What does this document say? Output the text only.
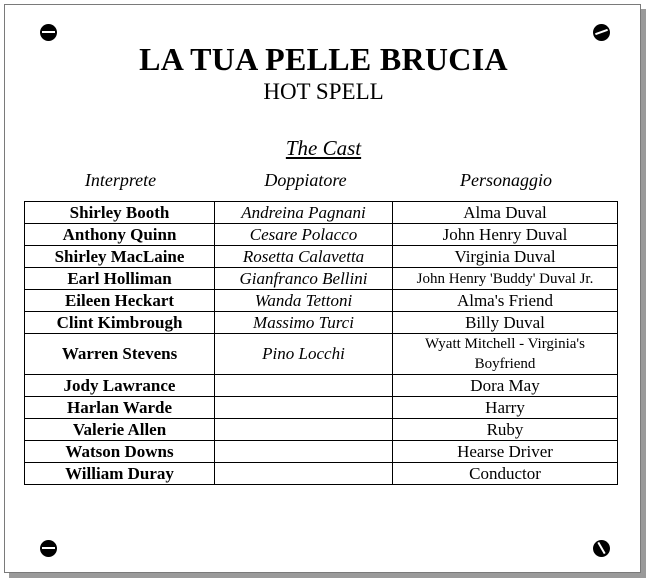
LA TUA PELLE BRUCIA
HOT SPELL
The Cast
Interprete	Doppiatore	Personaggio
Shirley Booth	Andreina Pagnani	Alma Duval
Anthony Quinn	Cesare Polacco	John Henry Duval
Shirley MacLaine	Rosetta Calavetta	Virginia Duval
Earl Holliman	Gianfranco Bellini	John Henry 'Buddy' Duval Jr.
Eileen Heckart	Wanda Tettoni	Alma's Friend
Clint Kimbrough	Massimo Turci	Billy Duval
Warren Stevens	Pino Locchi	Wyatt Mitchell - Virginia's Boyfriend
Jody Lawrance		Dora May
Harlan Warde		Harry
Valerie Allen		Ruby
Watson Downs		Hearse Driver
William Duray		Conductor
